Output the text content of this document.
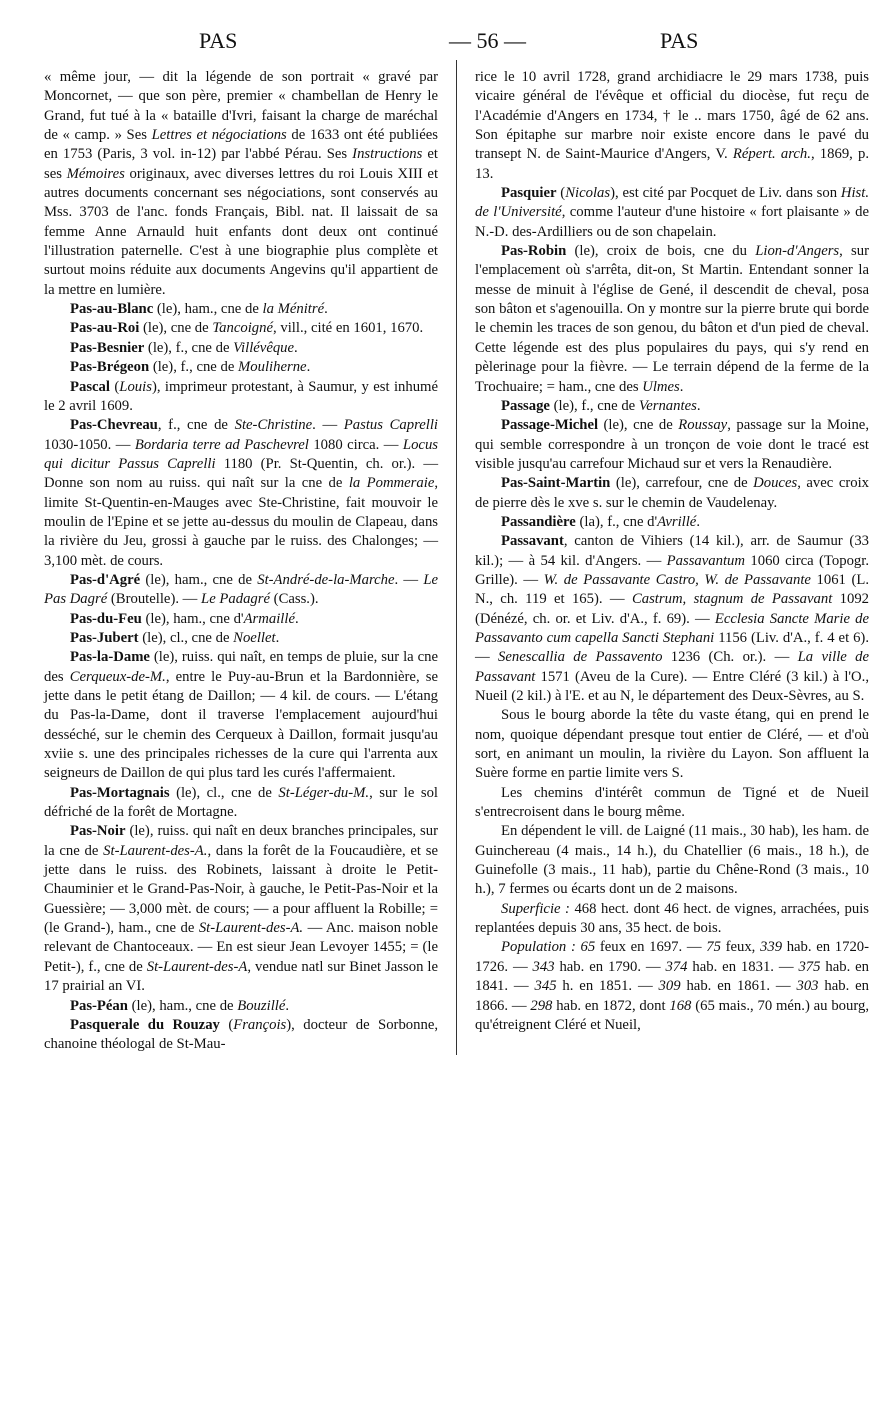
PAS	— 56 —	PAS

« même jour, — dit la légende de son portrait « gravé par Moncornet, — que son père, premier « chambellan de Henry le Grand, fut tué à la « bataille d'Ivri, faisant la charge de maréchal de « camp. » Ses Lettres et négociations de 1633 ont été publiées en 1753 (Paris, 3 vol. in-12) par l'abbé Pérau. Ses Instructions et ses Mémoires originaux, avec diverses lettres du roi Louis XIII et autres documents concernant ses négociations, sont conservés au Mss. 3703 de l'anc. fonds Français, Bibl. nat. Il laissait de sa femme Anne Arnauld huit enfants dont deux ont continué l'illustration paternelle. C'est à une biographie plus complète et surtout moins réduite aux documents Angevins qu'il appartient de la mettre en lumière.

Pas-au-Blanc (le), ham., cne de la Ménitré.

Pas-au-Roi (le), cne de Tancoigné, vill., cité en 1601, 1670.

Pas-Besnier (le), f., cne de Villévêque.

Pas-Brégeon (le), f., cne de Mouliherne.

Pascal (Louis), imprimeur protestant, à Saumur, y est inhumé le 2 avril 1609.

Pas-Chevreau, f., cne de Ste-Christine. — Pastus Caprelli 1030-1050. — Bordaria terre ad Paschevrel 1080 circa. — Locus qui dicitur Passus Caprelli 1180 (Pr. St-Quentin, ch. or.). — Donne son nom au ruiss. qui naît sur la cne de la Pommeraie, limite St-Quentin-en-Mauges avec Ste-Christine, fait mouvoir le moulin de l'Epine et se jette au-dessus du moulin de Clapeau, dans la rivière du Jeu, grossi à gauche par le ruiss. des Chalonges; — 3,100 mèt. de cours.

Pas-d'Agré (le), ham., cne de St-André-de-la-Marche. — Le Pas Dagré (Broutelle). — Le Padagré (Cass.).

Pas-du-Feu (le), ham., cne d'Armaillé.

Pas-Jubert (le), cl., cne de Noellet.

Pas-la-Dame (le), ruiss. qui naît, en temps de pluie, sur la cne des Cerqueux-de-M., entre le Puy-au-Brun et la Bardonnière, se jette dans le petit étang de Daillon; — 4 kil. de cours. — L'étang du Pas-la-Dame, dont il traverse l'emplacement aujourd'hui desséché, sur le chemin des Cerqueux à Daillon, formait jusqu'au xviie s. une des principales richesses de la cure qui l'arrenta aux seigneurs de Daillon de qui plus tard les curés l'affermaient.

Pas-Mortagnais (le), cl., cne de St-Léger-du-M., sur le sol défriché de la forêt de Mortagne.

Pas-Noir (le), ruiss. qui naît en deux branches principales, sur la cne de St-Laurent-des-A., dans la forêt de la Foucaudière, et se jette dans le ruiss. des Robinets, laissant à droite le Petit-Chauminier et le Grand-Pas-Noir, à gauche, le Petit-Pas-Noir et la Guessière; — 3,000 mèt. de cours; — a pour affluent la Robille; = (le Grand-), ham., cne de St-Laurent-des-A. — Anc. maison noble relevant de Chantoceaux. — En est sieur Jean Levoyer 1455; = (le Petit-), f., cne de St-Laurent-des-A, vendue natl sur Binet Jasson le 17 prairial an VI.

Pas-Péan (le), ham., cne de Bouzillé.

Pasquerale du Rouzay (François), docteur de Sorbonne, chanoine théologal de St-Mau-

rice le 10 avril 1728, grand archidiacre le 29 mars 1738, puis vicaire général de l'évêque et official du diocèse, fut reçu de l'Académie d'Angers en 1734, † le .. mars 1750, âgé de 62 ans. Son épitaphe sur marbre noir existe encore dans le pavé du transept N. de Saint-Maurice d'Angers, V. Répert. arch., 1869, p. 13.

Pasquier (Nicolas), est cité par Pocquet de Liv. dans son Hist. de l'Université, comme l'auteur d'une histoire « fort plaisante » de N.-D. des-Ardilliers ou de son chapelain.

Pas-Robin (le), croix de bois, cne du Lion-d'Angers, sur l'emplacement où s'arrêta, dit-on, St Martin. Entendant sonner la messe de minuit à l'église de Gené, il descendit de cheval, posa son bâton et s'agenouilla. On y montre sur la pierre brute qui borde le chemin les traces de son genou, du bâton et d'un pied de cheval. Cette légende est des plus populaires du pays, qui s'y rend en pèlerinage pour la fièvre. — Le terrain dépend de la ferme de la Trochuaire; = ham., cne des Ulmes.

Passage (le), f., cne de Vernantes.

Passage-Michel (le), cne de Roussay, passage sur la Moine, qui semble correspondre à un tronçon de voie dont le tracé est visible jusqu'au carrefour Michaud sur et vers la Renaudière.

Pas-Saint-Martin (le), carrefour, cne de Douces, avec croix de pierre dès le xve s. sur le chemin de Vaudelenay.

Passandière (la), f., cne d'Avrillé.

Passavant, canton de Vihiers (14 kil.), arr. de Saumur (33 kil.); — à 54 kil. d'Angers. — Passavantum 1060 circa (Topogr. Grille). — W. de Passavante Castro, W. de Passavante 1061 (L. N., ch. 119 et 165). — Castrum, stagnum de Passavant 1092 (Dénézé, ch. or. et Liv. d'A., f. 69). — Ecclesia Sancte Marie de Passavanto cum capella Sancti Stephani 1156 (Liv. d'A., f. 4 et 6). — Senescallia de Passavento 1236 (Ch. or.). — La ville de Passavant 1571 (Aveu de la Cure). — Entre Cléré (3 kil.) à l'O., Nueil (2 kil.) à l'E. et au N, le département des Deux-Sèvres, au S.

Sous le bourg aborde la tête du vaste étang, qui en prend le nom, quoique dépendant presque tout entier de Cléré, — et d'où sort, en animant un moulin, la rivière du Layon. Son affluent la Suère forme en partie limite vers S.

Les chemins d'intérêt commun de Tigné et de Nueil s'entrecroisent dans le bourg même.

En dépendent le vill. de Laigné (11 mais., 30 hab), les ham. de Guinchereau (4 mais., 14 h.), du Chatellier (6 mais., 18 h.), de Guinefolle (3 mais., 11 hab), partie du Chêne-Rond (3 mais., 10 h.), 7 fermes ou écarts dont un de 2 maisons.

Superficie : 468 hect. dont 46 hect. de vignes, arrachées, puis replantées depuis 30 ans, 35 hect. de bois.

Population : 65 feux en 1697. — 75 feux, 339 hab. en 1720-1726. — 343 hab. en 1790. — 374 hab. en 1831. — 375 hab. en 1841. — 345 h. en 1851. — 309 hab. en 1861. — 303 hab. en 1866. — 298 hab. en 1872, dont 168 (65 mais., 70 mén.) au bourg, qu'étreignent Cléré et Nueil,
